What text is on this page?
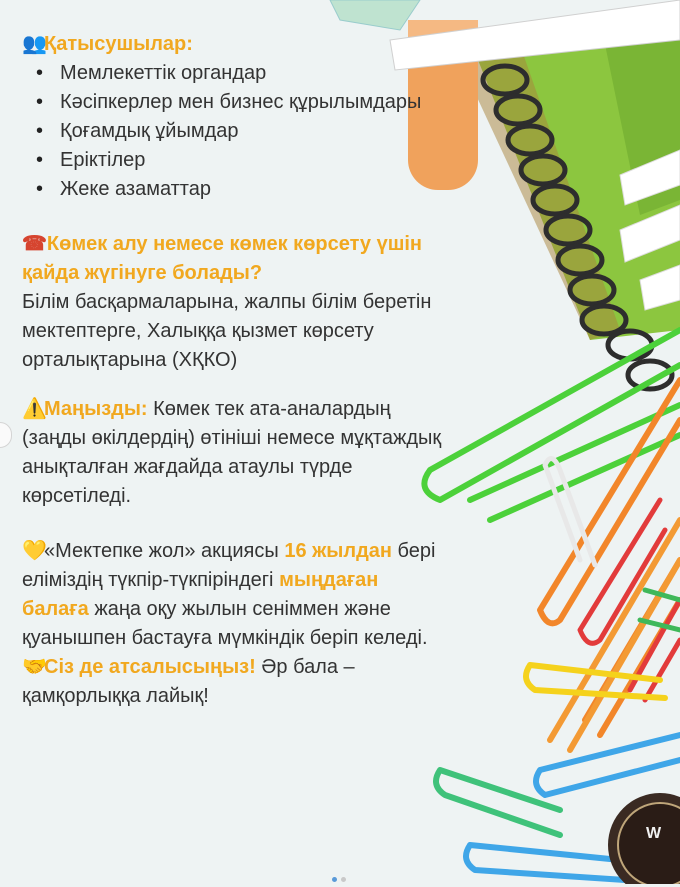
W
👥Қатысушылар:
• Мемлекеттік органдар
• Кәсіпкерлер мен бизнес құрылымдары
• Қоғамдық ұйымдар
• Еріктілер
• Жеке азаматтар
☎Көмек алу немесе көмек көрсету үшін қайда жүгінуге болады?
Білім басқармаларына, жалпы білім беретін мектептерге, Халыққа қызмет көрсету орталықтарына (ХҚКО)
⚠️Маңызды: Көмек тек ата-аналардың (заңды өкілдердің) өтініші немесе мұқтаждық анықталған жағдайда атаулы түрде көрсетіледі.
💛«Мектепке жол» акциясы 16 жылдан бері еліміздің түкпір-түкпіріндегі мыңдаған балаға жаңа оқу жылын сеніммен және қуанышпен бастауға мүмкіндік беріп келеді.
🤝Сіз де атсалысыңыз! Әр бала – қамқорлыққа лайық!
